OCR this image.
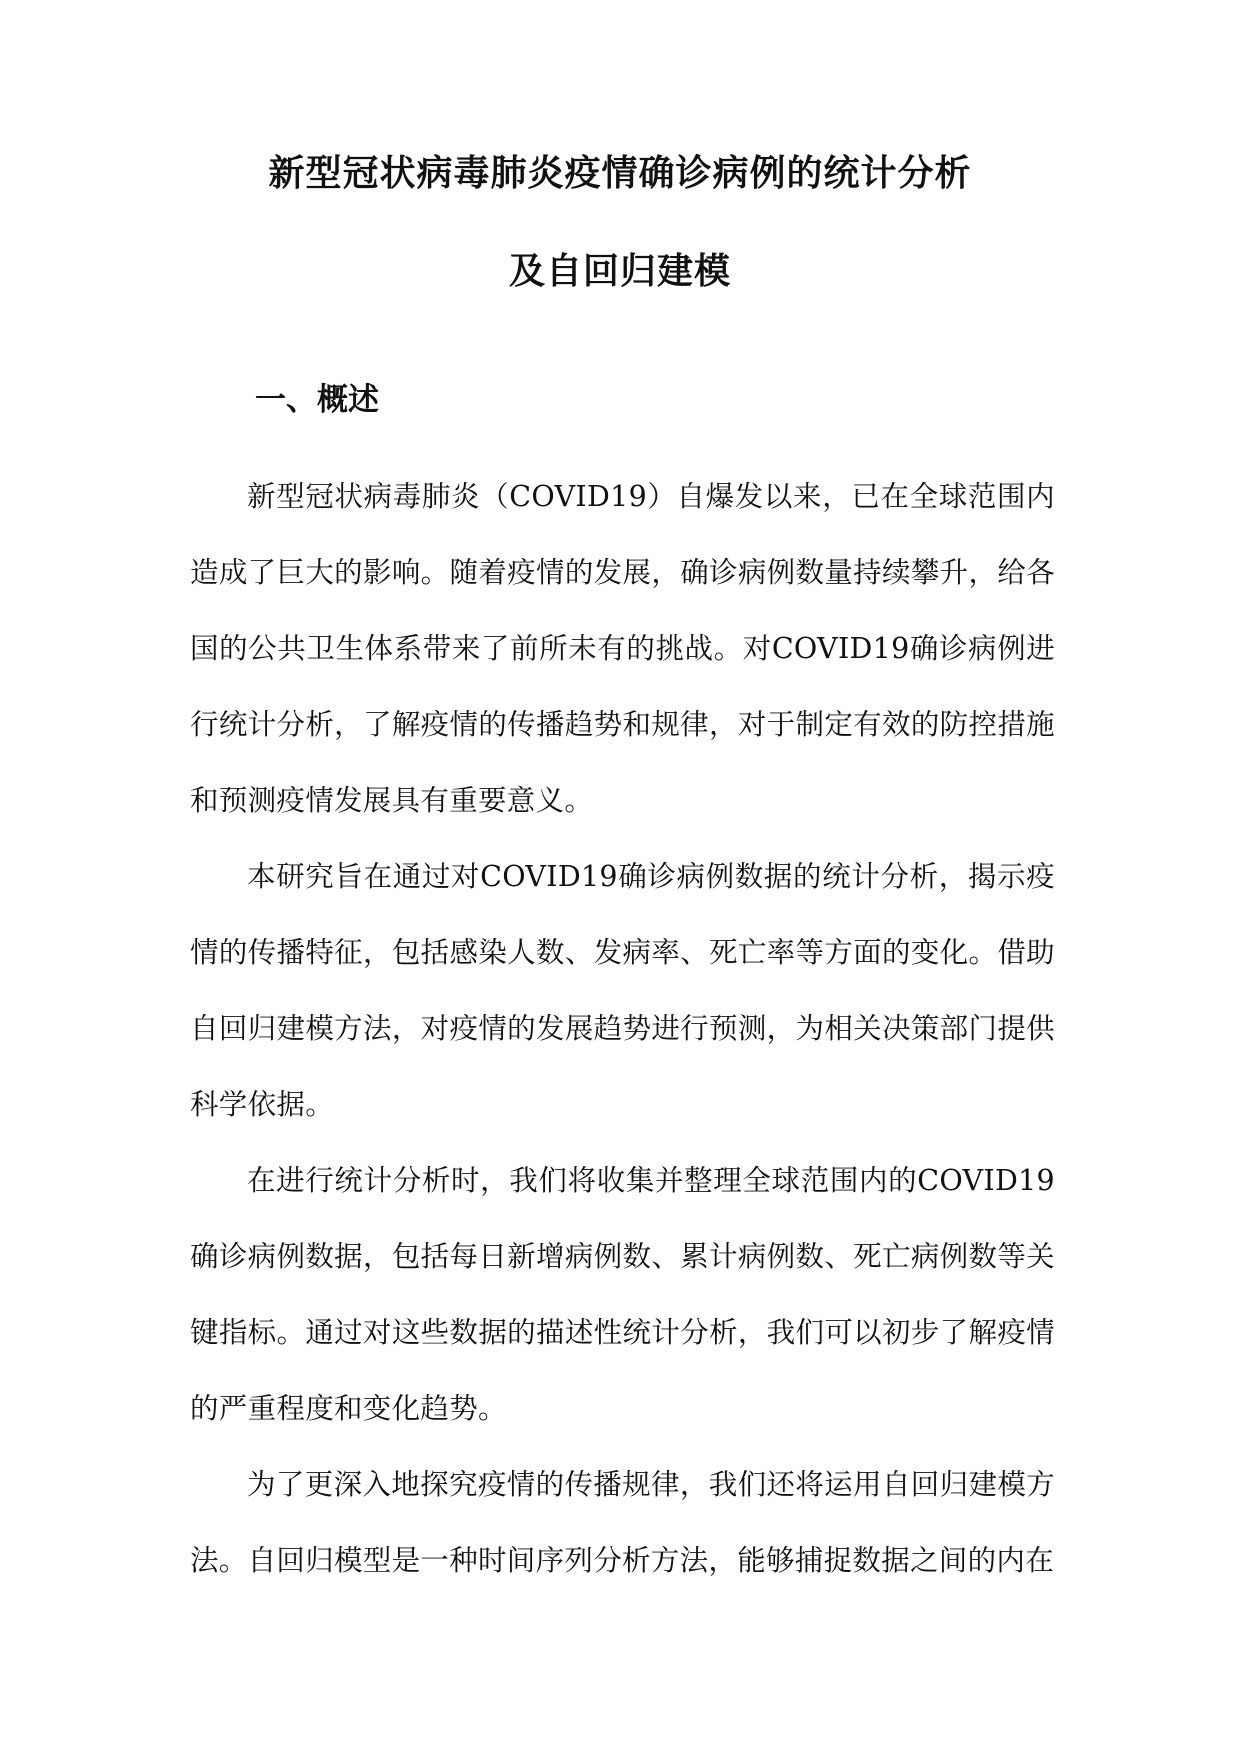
新型冠状病毒肺炎疫情确诊病例的统计分析
及自回归建模
一、概述

新型冠状病毒肺炎（COVID19）自爆发以来，已在全球范围内造成了巨大的影响。随着疫情的发展，确诊病例数量持续攀升，给各国的公共卫生体系带来了前所未有的挑战。对COVID19确诊病例进行统计分析，了解疫情的传播趋势和规律，对于制定有效的防控措施和预测疫情发展具有重要意义。

本研究旨在通过对COVID19确诊病例数据的统计分析，揭示疫情的传播特征，包括感染人数、发病率、死亡率等方面的变化。借助自回归建模方法，对疫情的发展趋势进行预测，为相关决策部门提供科学依据。

在进行统计分析时，我们将收集并整理全球范围内的COVID19确诊病例数据，包括每日新增病例数、累计病例数、死亡病例数等关键指标。通过对这些数据的描述性统计分析，我们可以初步了解疫情的严重程度和变化趋势。

为了更深入地探究疫情的传播规律，我们还将运用自回归建模方法。自回归模型是一种时间序列分析方法，能够捕捉数据之间的内在
